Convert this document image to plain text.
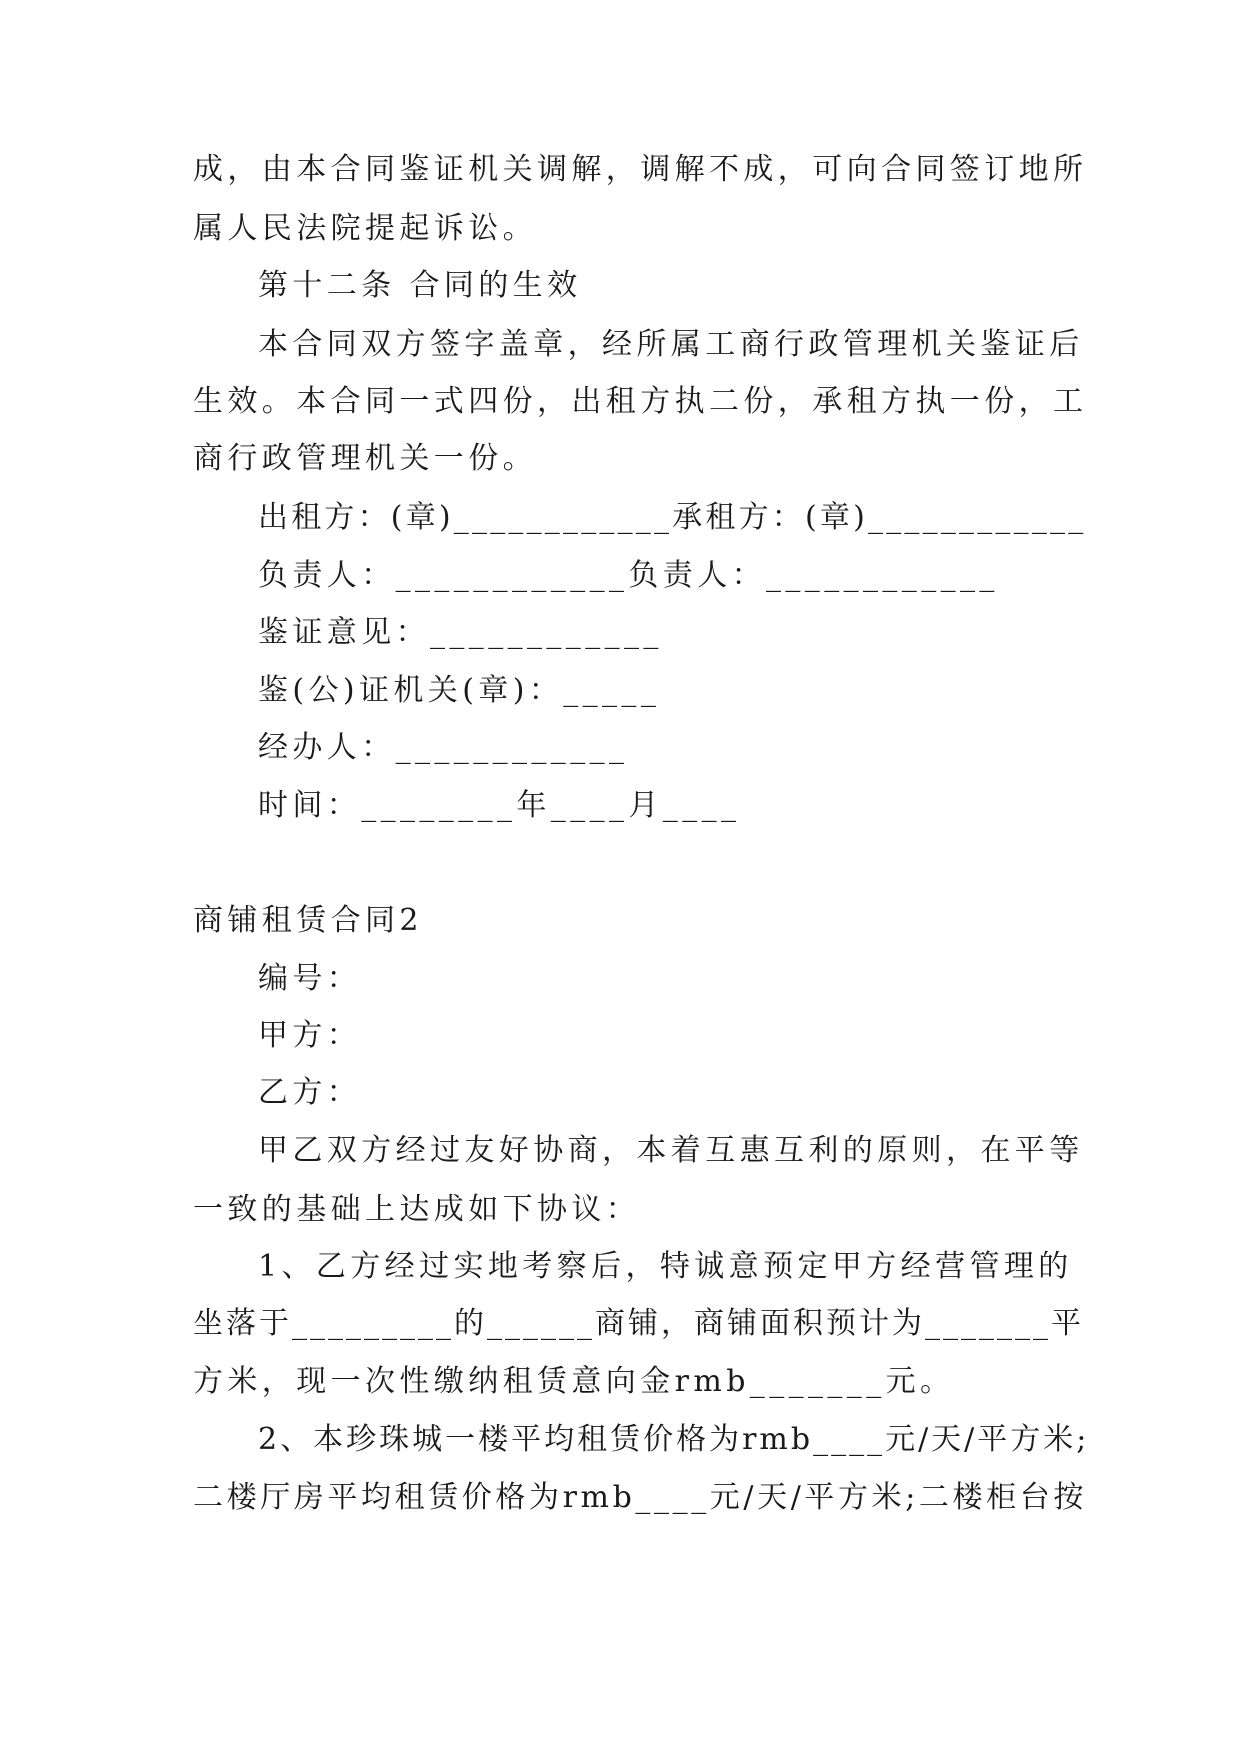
成，由本合同鉴证机关调解，调解不成，可向合同签订地所
属人民法院提起诉讼。
第十二条 合同的生效
本合同双方签字盖章，经所属工商行政管理机关鉴证后
生效。本合同一式四份，出租方执二份，承租方执一份，工
商行政管理机关一份。
出租方：(章)____________承租方：(章)____________
负责人：____________负责人：____________
鉴证意见：____________
鉴(公)证机关(章)：_____
经办人：____________
时间：________年____月____
商铺租赁合同2
编号：
甲方：
乙方：
甲乙双方经过友好协商，本着互惠互利的原则，在平等
一致的基础上达成如下协议：
1、乙方经过实地考察后，特诚意预定甲方经营管理的
坐落于_________的______商铺，商铺面积预计为_______平
方米，现一次性缴纳租赁意向金rmb_______元。
2、本珍珠城一楼平均租赁价格为rmb____元/天/平方米;
二楼厅房平均租赁价格为rmb____元/天/平方米;二楼柜台按
